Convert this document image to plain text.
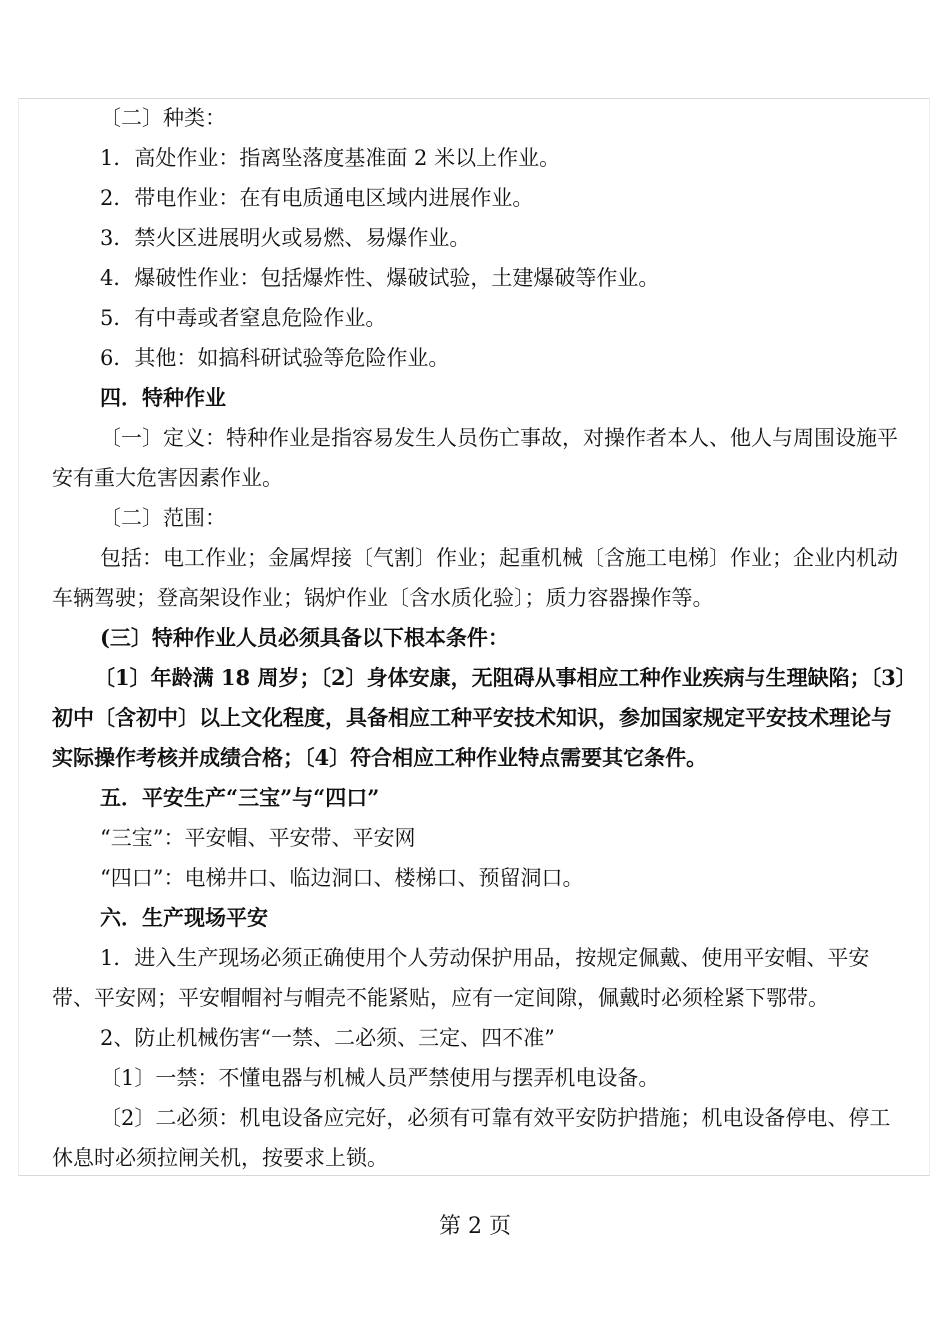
〔二〕种类：

1．高处作业：指离坠落度基准面 2 米以上作业。

2．带电作业：在有电质通电区域内进展作业。

3．禁火区进展明火或易燃、易爆作业。

4．爆破性作业：包括爆炸性、爆破试验，土建爆破等作业。

5．有中毒或者窒息危险作业。

6．其他：如搞科研试验等危险作业。

四．特种作业

〔一〕定义：特种作业是指容易发生人员伤亡事故，对操作者本人、他人与周围设施平安有重大危害因素作业。

〔二〕范围：

包括：电工作业；金属焊接〔气割〕作业；起重机械〔含施工电梯〕作业；企业内机动车辆驾驶；登高架设作业；锅炉作业〔含水质化验〕；质力容器操作等。

(三〕特种作业人员必须具备以下根本条件：

〔1〕年龄满 18 周岁；〔2〕身体安康，无阻碍从事相应工种作业疾病与生理缺陷；〔3〕初中〔含初中〕以上文化程度，具备相应工种平安技术知识，参加国家规定平安技术理论与实际操作考核并成绩合格；〔4〕符合相应工种作业特点需要其它条件。

五．平安生产“三宝”与“四口”

“三宝”：平安帽、平安带、平安网

“四口”：电梯井口、临边洞口、楼梯口、预留洞口。

六．生产现场平安

1．进入生产现场必须正确使用个人劳动保护用品，按规定佩戴、使用平安帽、平安带、平安网；平安帽帽衬与帽壳不能紧贴，应有一定间隙，佩戴时必须栓紧下鄂带。

2、防止机械伤害“一禁、二必须、三定、四不准”

〔1〕一禁：不懂电器与机械人员严禁使用与摆弄机电设备。

〔2〕二必须：机电设备应完好，必须有可靠有效平安防护措施；机电设备停电、停工休息时必须拉闸关机，按要求上锁。

第 2 页
